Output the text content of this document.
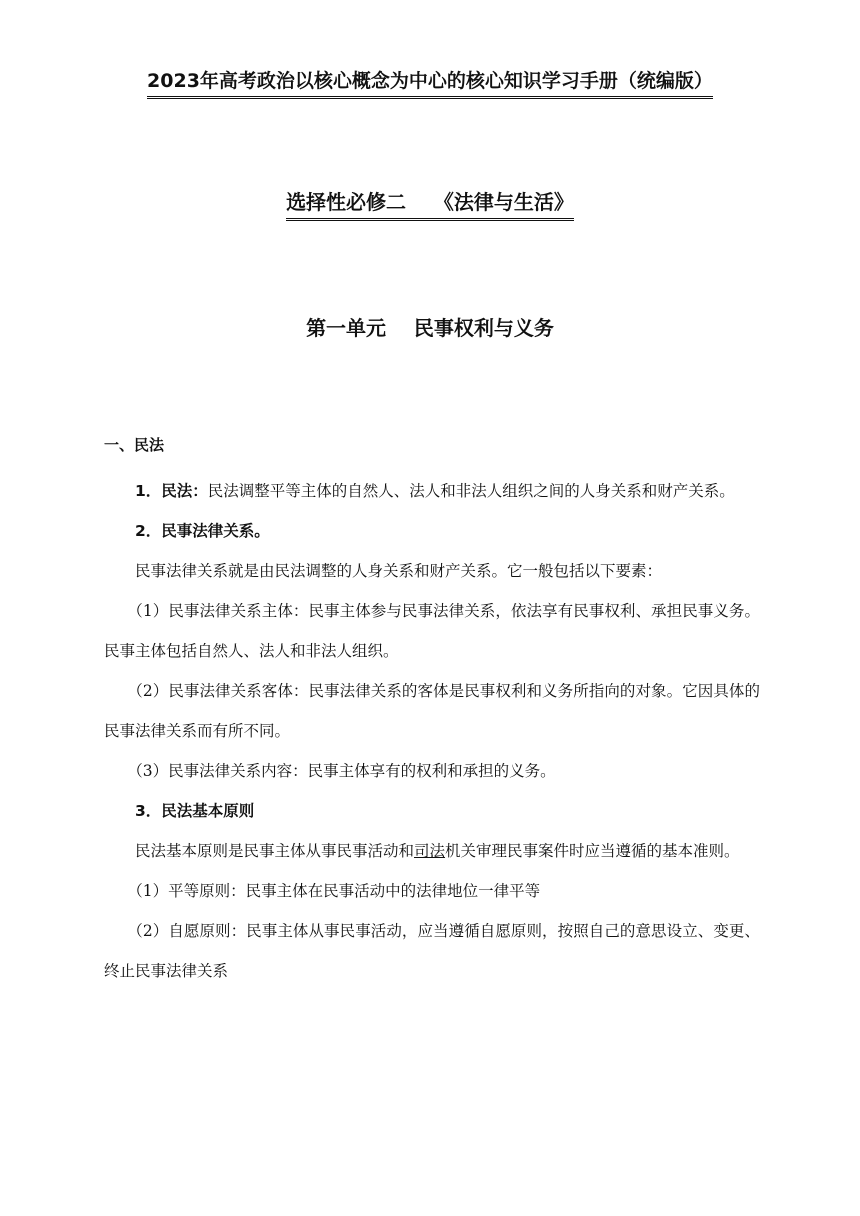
2023年高考政治以核心概念为中心的核心知识学习手册（统编版）
选择性必修二    《法律与生活》
第一单元    民事权利与义务
一、民法

1．民法：民法调整平等主体的自然人、法人和非法人组织之间的人身关系和财产关系。

2．民事法律关系。

民事法律关系就是由民法调整的人身关系和财产关系。它一般包括以下要素：

（1）民事法律关系主体：民事主体参与民事法律关系，依法享有民事权利、承担民事义务。民事主体包括自然人、法人和非法人组织。

（2）民事法律关系客体：民事法律关系的客体是民事权利和义务所指向的对象。它因具体的民事法律关系而有所不同。

（3）民事法律关系内容：民事主体享有的权利和承担的义务。

3．民法基本原则

民法基本原则是民事主体从事民事活动和司法机关审理民事案件时应当遵循的基本准则。

（1）平等原则：民事主体在民事活动中的法律地位一律平等

（2）自愿原则：民事主体从事民事活动，应当遵循自愿原则，按照自己的意思设立、变更、终止民事法律关系
